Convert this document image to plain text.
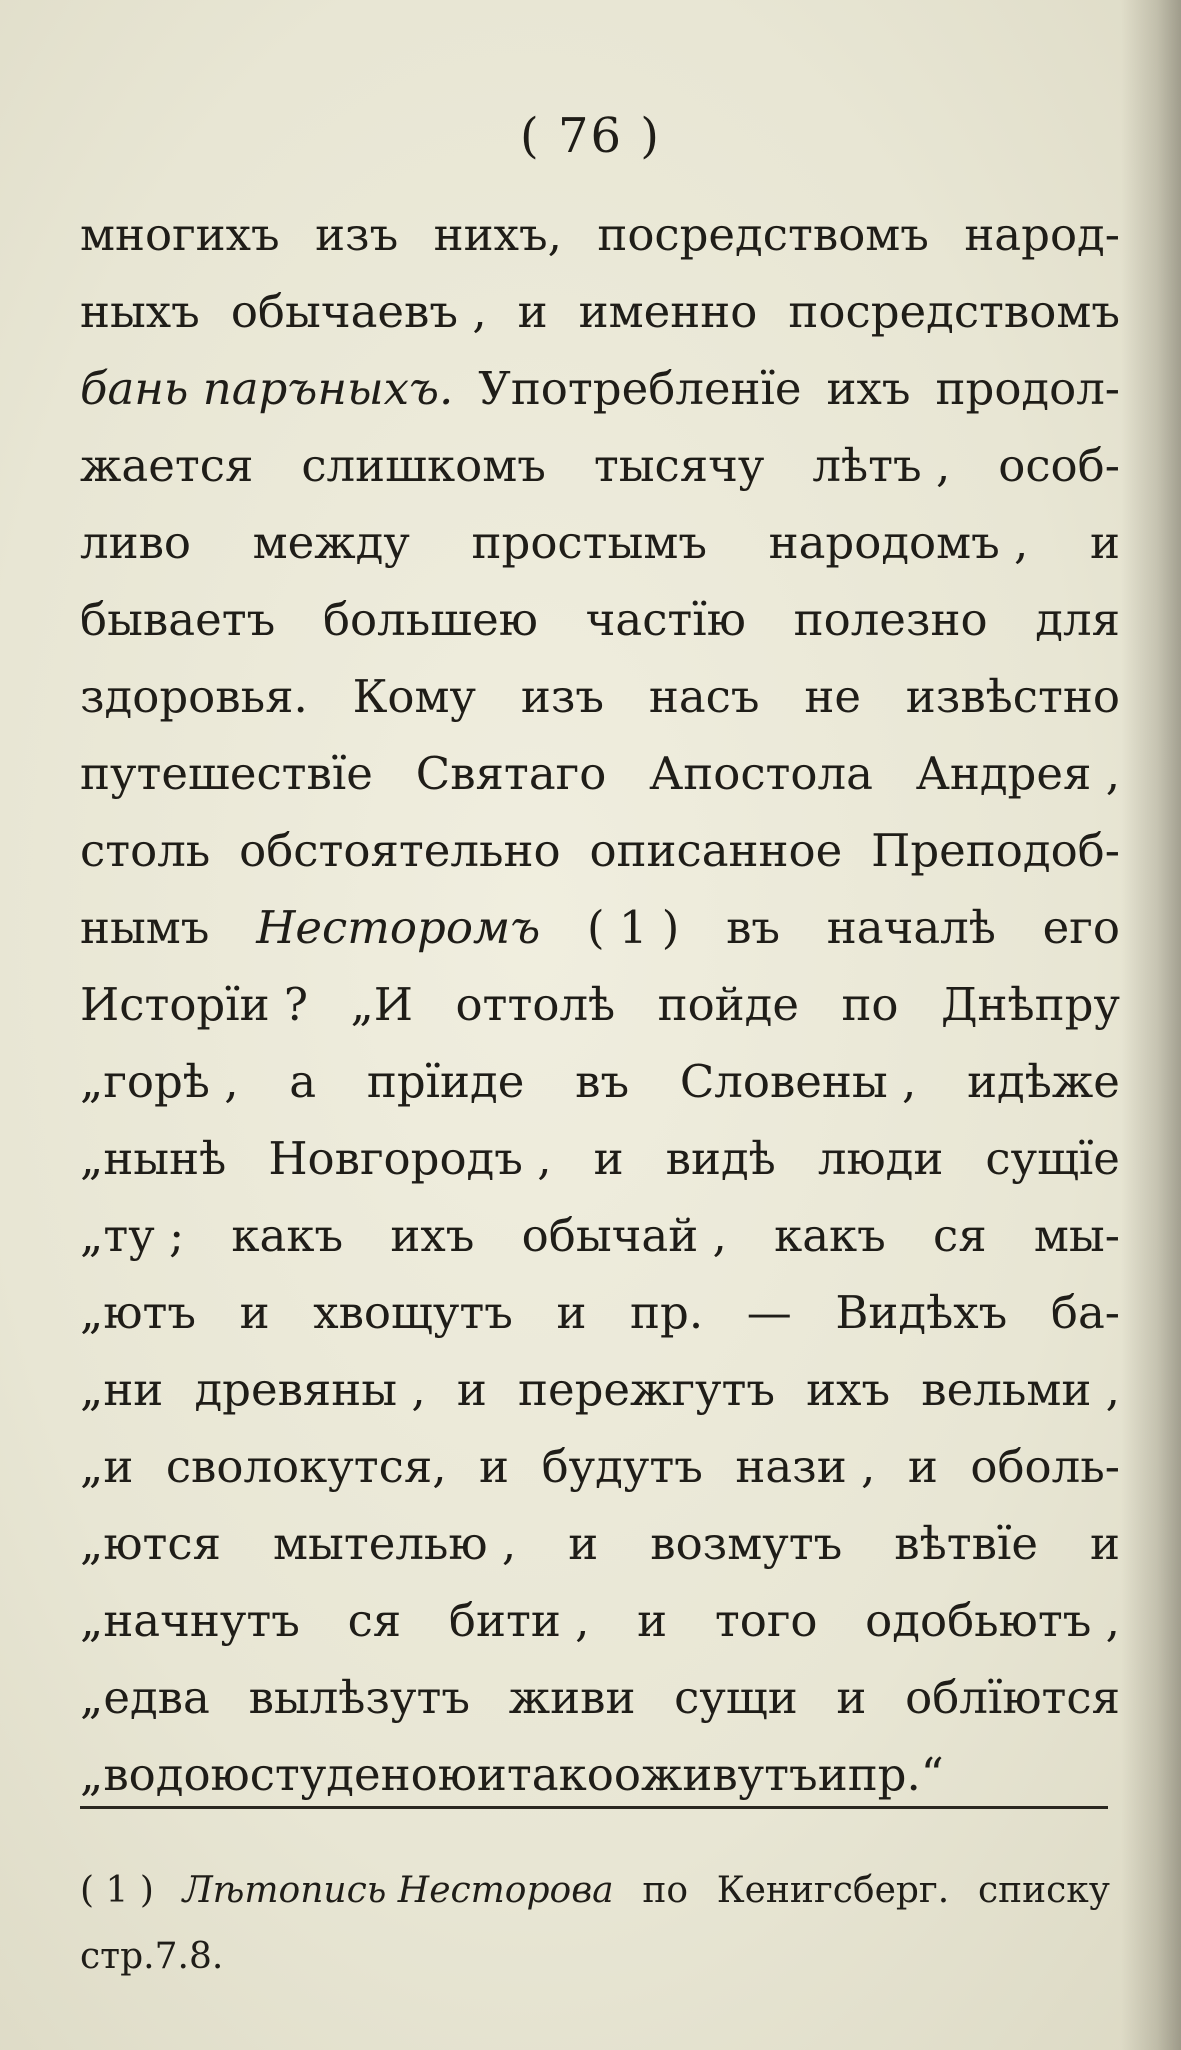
( 76 )
многихъ изъ нихъ, посредствомъ народ-
ныхъ обычаевъ , и именно посредствомъ
бань паръныхъ. Употребленїе ихъ продол-
жается слишкомъ тысячу лѣтъ , особ-
ливо между простымъ народомъ , и
бываетъ большею частїю полезно для
здоровья. Кому изъ насъ не извѣстно
путешествїе Святаго Апостола Андрея ,
столь обстоятельно описанное Преподоб-
нымъ Несторомъ ( 1 ) въ началѣ его
Исторїи ? „И оттолѣ пойде по Днѣпру
„горѣ , а прїиде въ Словены , идѣже
„нынѣ Новгородъ , и видѣ люди сущїе
„ту ; какъ ихъ обычай , какъ ся мы-
„ютъ и хвощутъ и пр. — Видѣхъ ба-
„ни древяны , и пережгутъ ихъ вельми ,
„и сволокутся, и будутъ нази , и оболь-
„ются мытелью , и возмутъ вѣтвїе и
„начнутъ ся бити , и того одобьютъ ,
„едва вылѣзутъ живи сущи и облїются
„водою студеною и тако оживутъ и пр.“
( 1 ) Лѣтопись Несторова по Кенигсберг. списку
стр. 7. 8.
